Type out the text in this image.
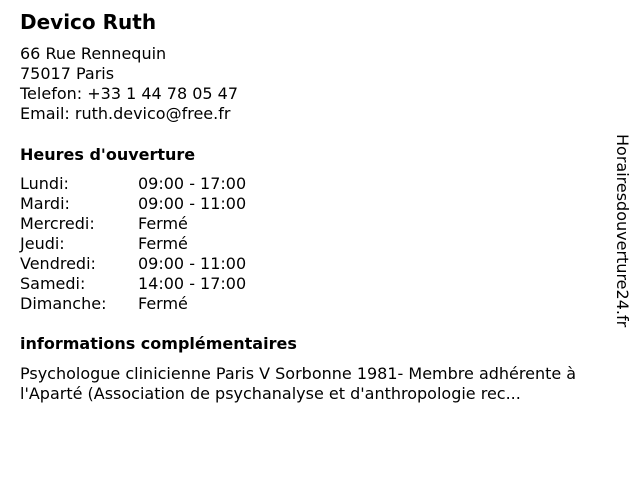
Devico Ruth
66 Rue Rennequin
75017 Paris
Telefon: +33 1 44 78 05 47
Email: ruth.devico@free.fr
Heures d'ouverture
Lundi:	09:00 - 17:00
Mardi:	09:00 - 11:00
Mercredi:	Fermé
Jeudi:	Fermé
Vendredi:	09:00 - 11:00
Samedi:	14:00 - 17:00
Dimanche: Fermé
informations complémentaires
Psychologue clinicienne Paris V Sorbonne 1981- Membre adhérente à
l'Aparté (Association de psychanalyse et d'anthropologie rec...
Horairesdouverture24.fr
